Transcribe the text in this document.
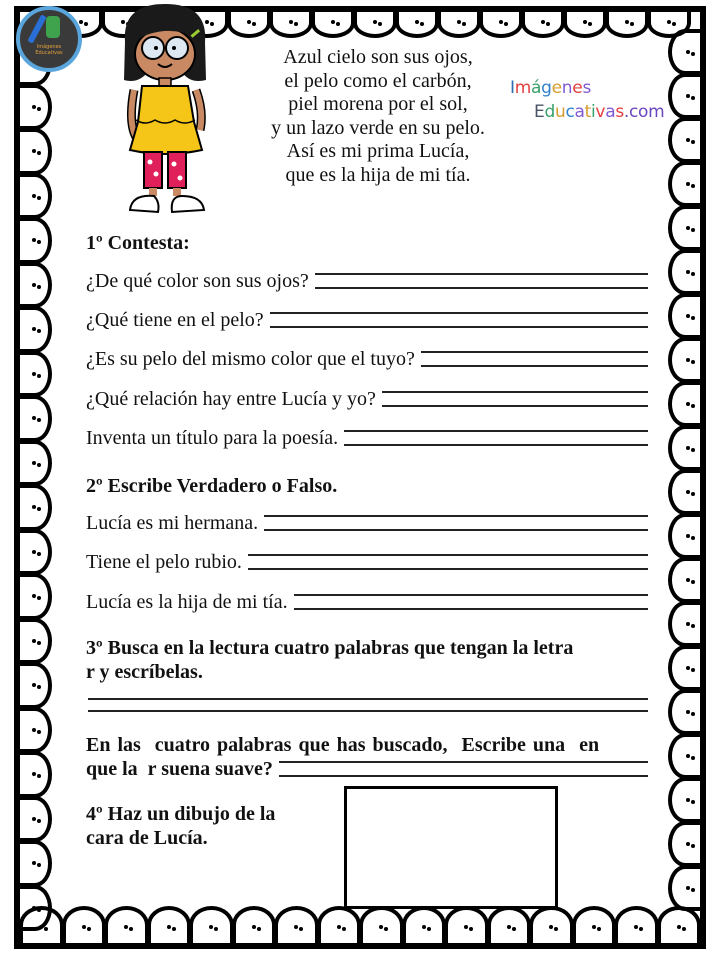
Imágenes Educativas	Azul cielo son sus ojos,
el pelo como el carbón,
piel morena por el sol,
y un lazo verde en su pelo.
Así es mi prima Lucía,
que es la hija de mi tía.
Imágenes
Educativas.com
1º Contesta:
¿De qué color son sus ojos?
¿Qué tiene en el pelo?
¿Es su pelo del mismo color que el tuyo?
¿Qué relación hay entre Lucía y yo?
Inventa un título para la poesía.
2º Escribe Verdadero o Falso.
Lucía es mi hermana.
Tiene el pelo rubio.
Lucía es la hija de mi tía.
3º Busca en la lectura cuatro palabras que tengan la letra
r y escríbelas.
En las  cuatro palabras que has buscado,  Escribe una  en
que la  r suena suave?
4º Haz un dibujo de la
cara de Lucía.
